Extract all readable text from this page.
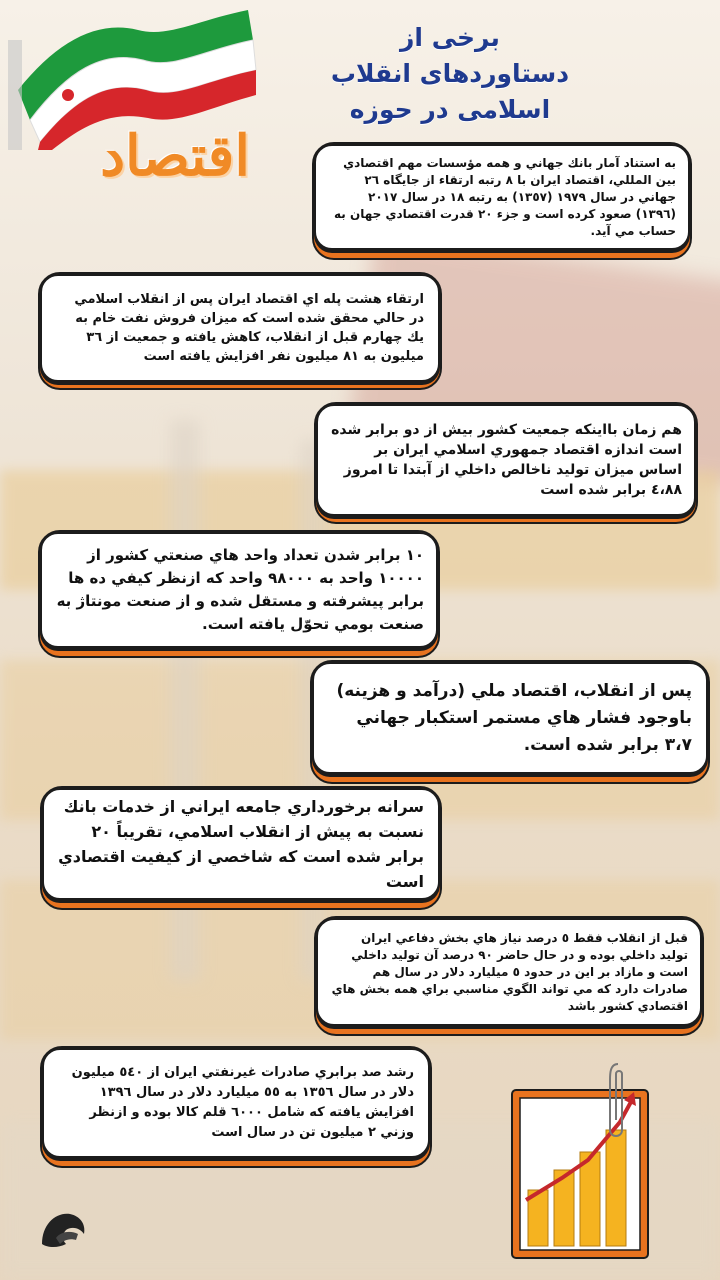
برخی از
دستاوردهای انقلاب
اسلامی در حوزه
اقتصاد	به استناد آمار بانك جهاني و همه مؤسسات مهم اقتصادي بين المللي، اقتصاد ايران با ٨ رتبه ارتقاء از جايگاه ٢٦ جهاني در سال ١٩٧٩ (١٣٥٧) به رتبه ١٨ در سال ٢٠١٧ (١٣٩٦) صعود كرده است و جزء ٢٠ قدرت اقتصادي جهان به حساب مي آيد.
ارتقاء هشت پله اي اقتصاد ايران پس از انقلاب اسلامي در حالي محقق شده است كه ميزان فروش نفت خام به يك چهارم قبل از انقلاب، كاهش يافته و جمعيت از ٣٦ ميليون به ٨١ ميليون نفر افزايش يافته است
هم زمان بااينكه جمعيت كشور بيش از دو برابر شده است اندازه اقتصاد جمهوري اسلامي ايران بر اساس ميزان توليد ناخالص داخلي از آبتدا تا امروز ٤،٨٨ برابر شده است
١٠ برابر شدن تعداد واحد هاي صنعتي كشور از ١٠٠٠٠ واحد به ٩٨٠٠٠ واحد كه ازنظر كيفي ده ها برابر پيشرفته و مستقل شده و از صنعت مونتاژ به صنعت بومي تحوّل يافته است.
پس از انقلاب، اقتصاد ملي (درآمد و هزينه) باوجود فشار هاي مستمر استكبار جهاني ٣،٧ برابر شده است.
سرانه برخورداري جامعه ايراني از خدمات بانك نسبت به پيش از انقلاب اسلامي، تقريباً ٢٠ برابر شده است كه شاخصي از كيفيت اقتصادي است
قبل از انقلاب فقط ٥ درصد نياز هاي بخش دفاعي ايران توليد داخلي بوده و در حال حاضر ٩٠ درصد آن توليد داخلي است و مازاد بر اين در حدود ٥ ميليارد دلار در سال هم صادرات دارد كه مي تواند الگوي مناسبي براي همه بخش هاي اقتصادي كشور باشد
رشد صد برابري صادرات غيرنفتي ايران از ٥٤٠ ميليون دلار در سال ١٣٥٦ به ٥٥ ميليارد دلار در سال ١٣٩٦ افزايش يافته كه شامل ٦٠٠٠ قلم كالا بوده و ازنظر وزني ٢ ميليون تن در سال است
